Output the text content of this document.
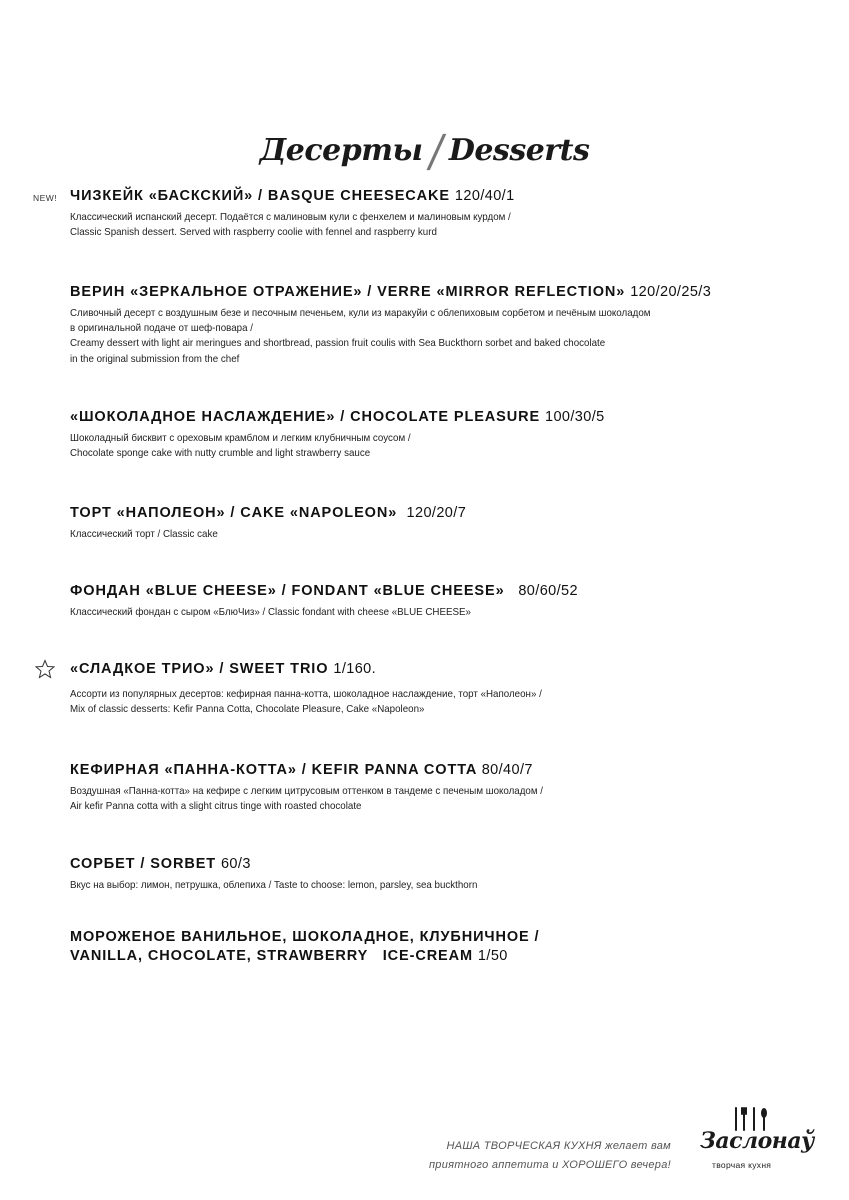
Десерты/Desserts
NEW! ЧИЗКЕЙК «БАСКСКИЙ» / BASQUE CHEESECAKE 120/40/1

Классический испанский десерт. Подаётся с малиновым кули с фенхелем и малиновым курдом /
Classic Spanish dessert. Served with raspberry coolie with fennel and raspberry kurd

ВЕРИН «ЗЕРКАЛЬНОЕ ОТРАЖЕНИЕ» / VERRE «MIRROR REFLECTION» 120/20/25/3

Сливочный десерт с воздушным безе и песочным печеньем, кули из маракуйи с облепиховым сорбетом и печёным шоколадом
в оригинальной подаче от шеф-повара /
Creamy dessert with light air meringues and shortbread, passion fruit coulis with Sea Buckthorn sorbet and baked chocolate
in the original submission from the chef

«ШОКОЛАДНОЕ НАСЛАЖДЕНИЕ» / CHOCOLATE PLEASURE 100/30/5

Шоколадный бисквит с ореховым крамблом и легким клубничным соусом /
Chocolate sponge cake with nutty crumble and light strawberry sauce

ТОРТ «НАПОЛЕОН» / CAKE «NAPOLEON»  120/20/7

Классический торт / Classic cake

ФОНДАН «BLUE CHEESE» / FONDANT «BLUE CHEESE»   80/60/52

Классический фондан с сыром «БлюЧиз» / Classic fondant with cheese «BLUE CHEESE»

«СЛАДКОЕ ТРИО» / SWEET TRIO 1/160.

Ассорти из популярных десертов: кефирная панна-котта, шоколадное наслаждение, торт «Наполеон» /
Mix of classic desserts: Kefir Panna Cotta, Chocolate Pleasure, Cake «Napoleon»

КЕФИРНАЯ «ПАННА-КОТТА» / KEFIR PANNA COTTA 80/40/7

Воздушная «Панна-котта» на кефире с легким цитрусовым оттенком в тандеме с печеным шоколадом /
Air kefir Panna cotta with a slight citrus tinge with roasted chocolate

СОРБЕТ / SORBET 60/3

Вкус на выбор: лимон, петрушка, облепиха / Taste to choose: lemon, parsley, sea buckthorn

МОРОЖЕНОЕ ВАНИЛЬНОЕ, ШОКОЛАДНОЕ, КЛУБНИЧНОЕ /
VANILLA, CHOCOLATE, STRAWBERRY   ICE-CREAM 1/50
НАША ТВОРЧЕСКАЯ КУХНЯ желает вам
приятного аппетита и ХОРОШЕГО вечера!
Заслонаў
творчая кухня
